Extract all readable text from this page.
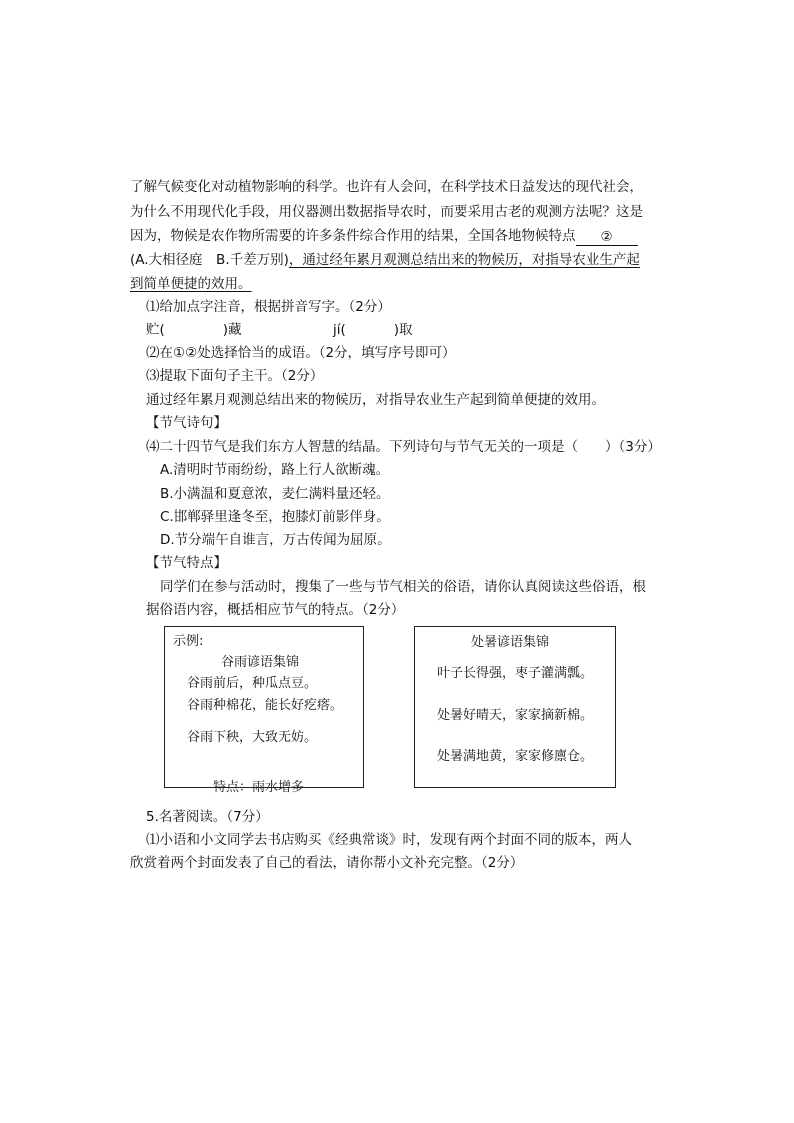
了解气候变化对动植物影响的科学。也许有人会问，在科学技术日益发达的现代社会，
为什么不用现代化手段，用仪器测出数据指导农时，而要采用古老的观测方法呢？这是
因为，物候是农作物所需要的许多条件综合作用的结果，全国各地物候特点 ②
(A.大相径庭　B.千差万别)，通过经年累月观测总结出来的物候历，对指导农业生产起
到简单便捷的效用。
⑴给加点字注音，根据拼音写字。（2分）
贮(	)藏	jí(	)取
⑵在①②处选择恰当的成语。（2分，填写序号即可）
⑶提取下面句子主干。（2分）
通过经年累月观测总结出来的物候历，对指导农业生产起到简单便捷的效用。
【节气诗句】
⑷二十四节气是我们东方人智慧的结晶。下列诗句与节气无关的一项是（　　）（3分）
A.清明时节雨纷纷，路上行人欲断魂。
B.小满温和夏意浓，麦仁满料量还轻。
C.邯郸驿里逢冬至，抱膝灯前影伴身。
D.节分端午自谁言，万古传闻为屈原。
【节气特点】
同学们在参与活动时，搜集了一些与节气相关的俗语，请你认真阅读这些俗语，根
据俗语内容，概括相应节气的特点。（2分）
示例:
谷雨谚语集锦
谷雨前后，种瓜点豆。
谷雨种棉花，能长好疙瘩。
谷雨下秧，大致无妨。
特点：雨水增多
处暑谚语集锦
叶子长得强，枣子灌满瓢。
处暑好晴天，家家摘新棉。
处暑满地黄，家家修廪仓。
5.名著阅读。（7分）
⑴小语和小文同学去书店购买《经典常谈》时，发现有两个封面不同的版本，两人
欣赏着两个封面发表了自己的看法，请你帮小文补充完整。（2分）
